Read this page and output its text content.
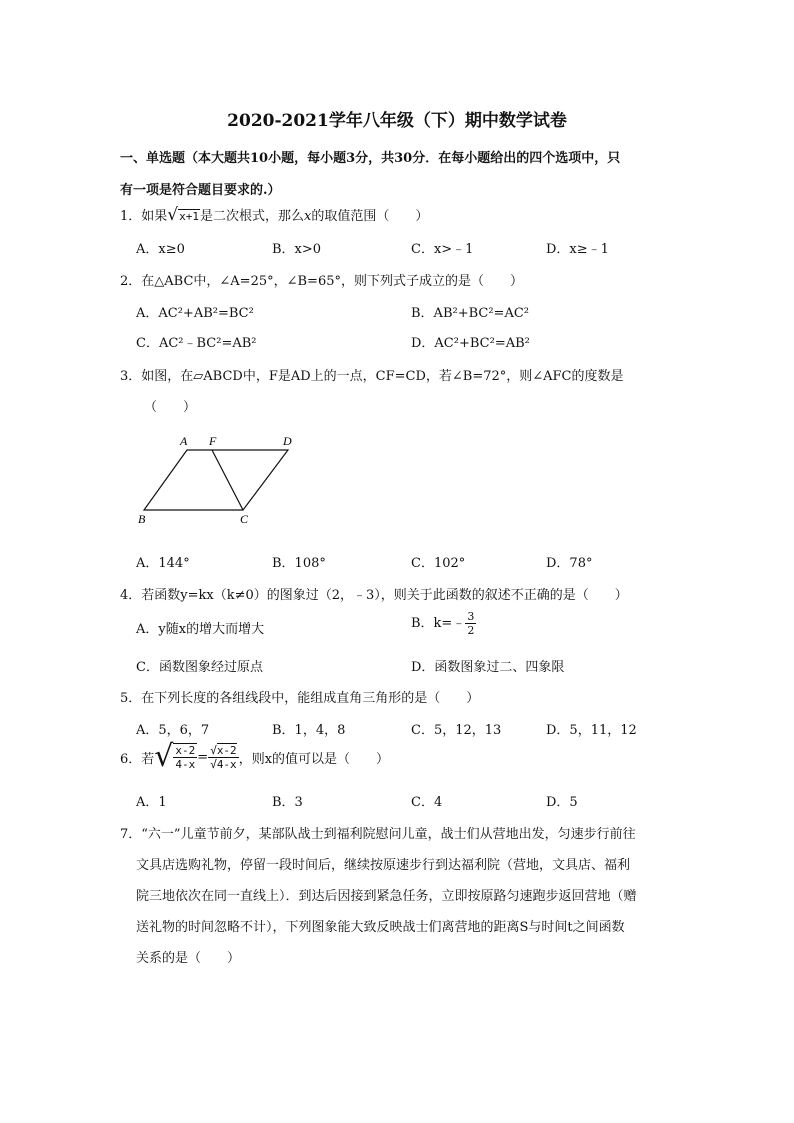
2020-2021学年八年级（下）期中数学试卷
一、单选题（本大题共10小题，每小题3分，共30分．在每小题给出的四个选项中，只
有一项是符合题目要求的.）
1．如果√x+1是二次根式，那么x的取值范围（　　）
A．x≥0	B．x>0	C．x>﹣1	D．x≥﹣1
2．在△ABC中，∠A=25°，∠B=65°，则下列式子成立的是（　　）
A．AC²+AB²=BC²	B．AB²+BC²=AC²
C．AC²﹣BC²=AB²	D．AC²+BC²=AB²
3．如图，在▱ABCD中，F是AD上的一点，CF=CD，若∠B=72°，则∠AFC的度数是
（　　）
A F	D
B	C
A．144°	B．108°	C．102°	D．78°
4．若函数y=kx（k≠0）的图象过（2，﹣3），则关于此函数的叙述不正确的是（　　）
A．y随x的增大而增大	B．k=﹣ $\frac{3}{2}$
C．函数图象经过原点	D．函数图象过二、四象限
5．在下列长度的各组线段中，能组成直角三角形的是（　　）
A．5，6，7	B．1，4，8	C．5，12，13	D．5，11，12
6．若 √ $\frac{x-2}{4-x} = \frac{√x-2}{√4-x}$ ，则x的值可以是（　　）
A．1	B．3	C．4	D．5
7．“六一”儿童节前夕，某部队战士到福利院慰问儿童，战士们从营地出发，匀速步行前往
文具店选购礼物，停留一段时间后，继续按原速步行到达福利院（营地，文具店、福利
院三地依次在同一直线上）．到达后因接到紧急任务，立即按原路匀速跑步返回营地（赠
送礼物的时间忽略不计），下列图象能大致反映战士们离营地的距离S与时间t之间函数
关系的是（　　）
